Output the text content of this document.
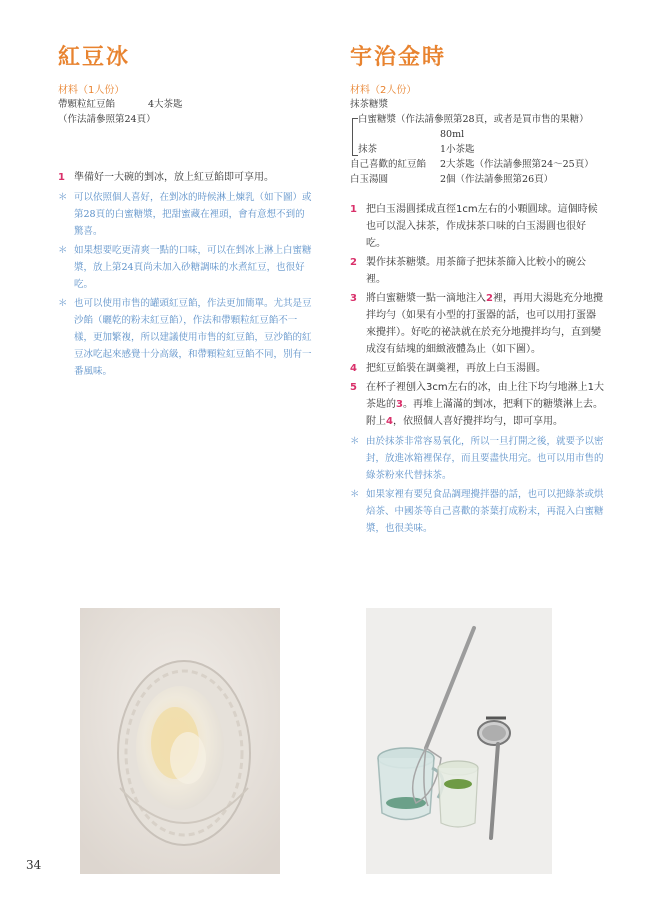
紅豆冰
材料（1人份）
帶顆粒紅豆餡	4大茶匙
（作法請參照第24頁）
1 準備好一大碗的剉冰，放上紅豆餡即可享用。
＊ 可以依照個人喜好，在剉冰的時候淋上煉乳（如下圖）或第28頁的白蜜糖漿，把甜蜜藏在裡頭，會有意想不到的驚喜。
＊ 如果想要吃更清爽一點的口味，可以在剉冰上淋上白蜜糖漿，放上第24頁尚未加入砂糖調味的水煮紅豆，也很好吃。
＊ 也可以使用市售的罐頭紅豆餡，作法更加簡單。尤其是豆沙餡（曬乾的粉末紅豆餡），作法和帶顆粒紅豆餡不一樣，更加繁複，所以建議使用市售的紅豆餡，豆沙餡的紅豆冰吃起來感覺十分高級，和帶顆粒紅豆餡不同，別有一番風味。
宇治金時
材料（2人份）
抹茶糖漿
白蜜糖漿（作法請參照第28頁，或者是買市售的果糖）
80ml
抹茶	1小茶匙
自己喜歡的紅豆餡	2大茶匙（作法請參照第24～25頁）
白玉湯圓	2個（作法請參照第26頁）
1 把白玉湯圓揉成直徑1cm左右的小顆圓球。這個時候也可以混入抹茶，作成抹茶口味的白玉湯圓也很好吃。
2 製作抹茶糖漿。用茶篩子把抹茶篩入比較小的碗公裡。
3 將白蜜糖漿一點一滴地注入2裡，再用大湯匙充分地攪拌均勻（如果有小型的打蛋器的話，也可以用打蛋器來攪拌）。好吃的祕訣就在於充分地攪拌均勻，直到變成沒有結塊的細緻液體為止（如下圖）。
4 把紅豆餡裝在調羹裡，再放上白玉湯圓。
5 在杯子裡刨入3cm左右的冰，由上往下均勻地淋上1大茶匙的3。再堆上滿滿的剉冰，把剩下的糖漿淋上去。附上4，依照個人喜好攪拌均勻，即可享用。
＊ 由於抹茶非常容易氧化，所以一旦打開之後，就要予以密封，放進冰箱裡保存，而且要盡快用完。也可以用市售的綠茶粉來代替抹茶。
＊ 如果家裡有要兒食品調理攪拌器的話，也可以把綠茶或烘焙茶、中國茶等自己喜歡的茶葉打成粉末，再混入白蜜糖漿，也很美味。
34
